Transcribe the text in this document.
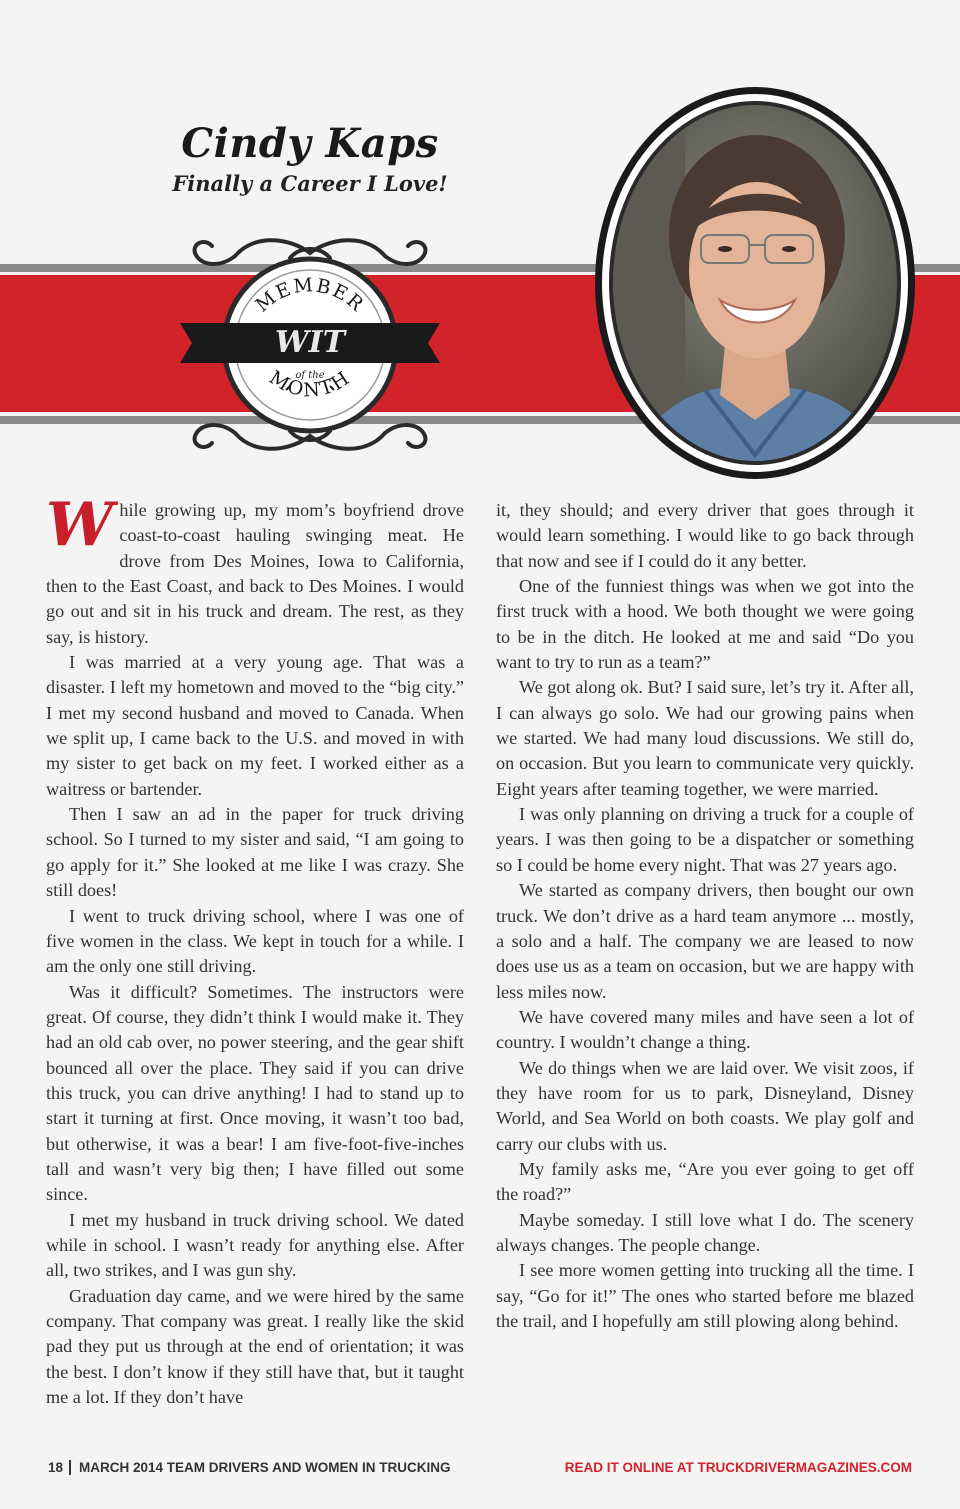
Cindy Kaps
Finally a Career I Love!
MEMBER
MONTH
WIT
of the

While growing up, my mom’s boyfriend drove coast-to-coast hauling swinging meat. He drove from Des Moines, Iowa to California, then to the East Coast, and back to Des Moines. I would go out and sit in his truck and dream. The rest, as they say, is history.

I was married at a very young age. That was a disaster. I left my hometown and moved to the “big city.” I met my second husband and moved to Canada. When we split up, I came back to the U.S. and moved in with my sister to get back on my feet. I worked either as a waitress or bartender.

Then I saw an ad in the paper for truck driving school. So I turned to my sister and said, “I am going to go apply for it.” She looked at me like I was crazy. She still does!

I went to truck driving school, where I was one of five women in the class. We kept in touch for a while. I am the only one still driving.

Was it difficult? Sometimes. The instructors were great. Of course, they didn’t think I would make it. They had an old cab over, no power steering, and the gear shift bounced all over the place. They said if you can drive this truck, you can drive anything! I had to stand up to start it turning at first. Once moving, it wasn’t too bad, but otherwise, it was a bear! I am five-foot-five-inches tall and wasn’t very big then; I have filled out some since.

I met my husband in truck driving school. We dated while in school. I wasn’t ready for anything else. After all, two strikes, and I was gun shy.

Graduation day came, and we were hired by the same company. That company was great. I really like the skid pad they put us through at the end of orientation; it was the best. I don’t know if they still have that, but it taught me a lot. If they don’t have

it, they should; and every driver that goes through it would learn something. I would like to go back through that now and see if I could do it any better.

One of the funniest things was when we got into the first truck with a hood. We both thought we were going to be in the ditch. He looked at me and said “Do you want to try to run as a team?”

We got along ok. But? I said sure, let’s try it. After all, I can always go solo. We had our growing pains when we started. We had many loud discussions. We still do, on occasion. But you learn to communicate very quickly. Eight years after teaming together, we were married.

I was only planning on driving a truck for a couple of years. I was then going to be a dispatcher or something so I could be home every night. That was 27 years ago.

We started as company drivers, then bought our own truck. We don’t drive as a hard team anymore ... mostly, a solo and a half. The company we are leased to now does use us as a team on occasion, but we are happy with less miles now.

We have covered many miles and have seen a lot of country. I wouldn’t change a thing.

We do things when we are laid over. We visit zoos, if they have room for us to park, Disneyland, Disney World, and Sea World on both coasts. We play golf and carry our clubs with us.

My family asks me, “Are you ever going to get off the road?”

Maybe someday. I still love what I do. The scenery always changes. The people change.

I see more women getting into trucking all the time. I say, “Go for it!” The ones who started before me blazed the trail, and I hopefully am still plowing along behind.

18 MARCH 2014 TEAM DRIVERS AND WOMEN IN TRUCKING	READ IT ONLINE AT TRUCKDRIVERMAGAZINES.COM
